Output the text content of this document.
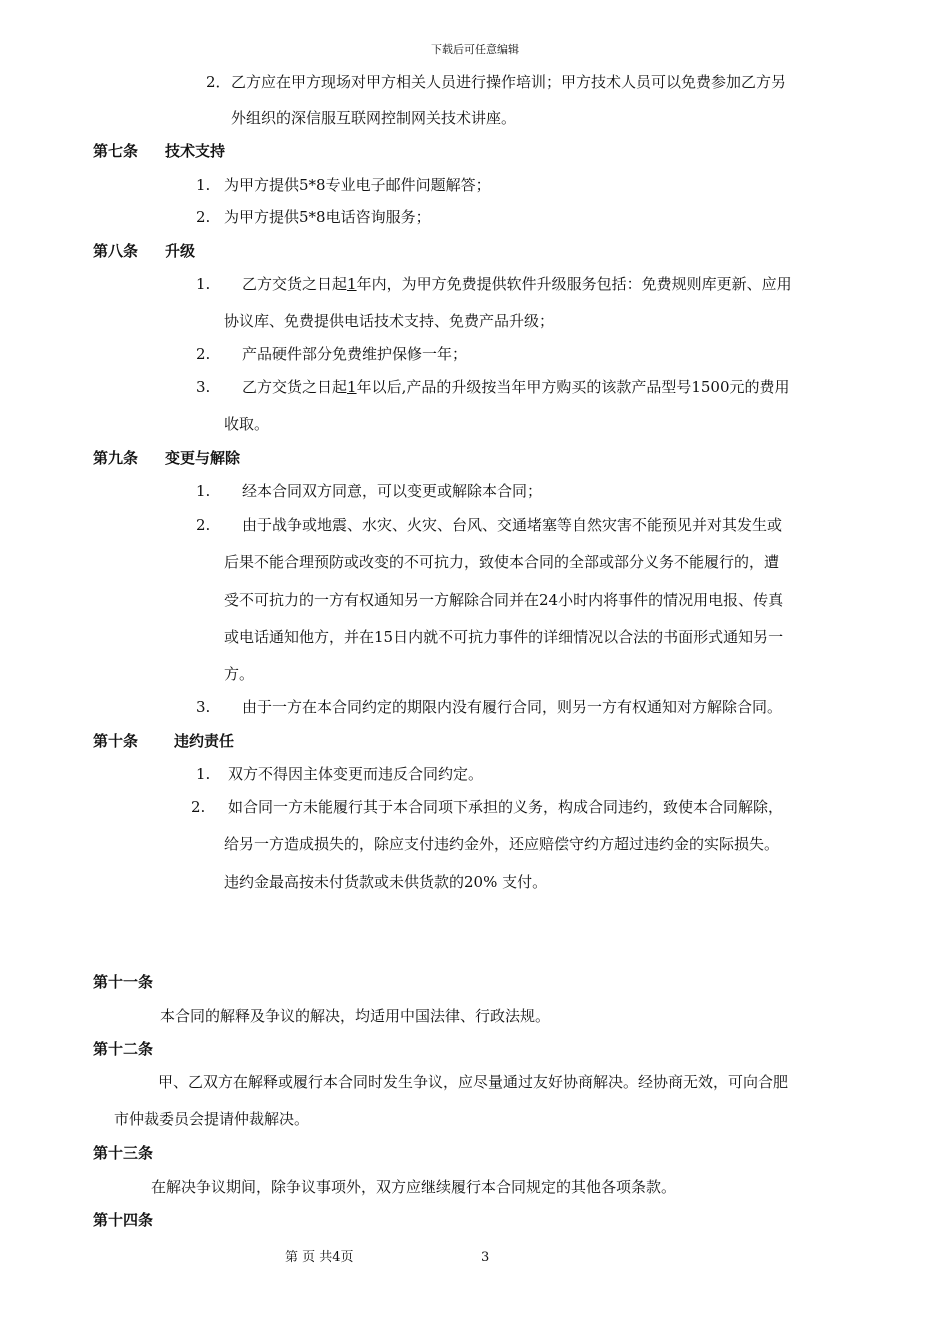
下载后可任意编辑
2． 乙方应在甲方现场对甲方相关人员进行操作培训；甲方技术人员可以免费参加乙方另
外组织的深信服互联网控制网关技术讲座。
第七条 技术支持
1. 为甲方提供5*8专业电子邮件问题解答；
2. 为甲方提供5*8电话咨询服务；
第八条 升级
1. 乙方交货之日起1年内，为甲方免费提供软件升级服务包括：免费规则库更新、应用
协议库、免费提供电话技术支持、免费产品升级；
2. 产品硬件部分免费维护保修一年；
3. 乙方交货之日起1年以后,产品的升级按当年甲方购买的该款产品型号1500元的费用
收取。
第九条 变更与解除
1. 经本合同双方同意，可以变更或解除本合同；
2. 由于战争或地震、水灾、火灾、台风、交通堵塞等自然灾害不能预见并对其发生或
后果不能合理预防或改变的不可抗力，致使本合同的全部或部分义务不能履行的，遭
受不可抗力的一方有权通知另一方解除合同并在24小时内将事件的情况用电报、传真
或电话通知他方，并在15日内就不可抗力事件的详细情况以合法的书面形式通知另一
方。
3. 由于一方在本合同约定的期限内没有履行合同，则另一方有权通知对方解除合同。
第十条 违约责任
1. 双方不得因主体变更而违反合同约定。
2. 如合同一方未能履行其于本合同项下承担的义务，构成合同违约，致使本合同解除，
给另一方造成损失的，除应支付违约金外，还应赔偿守约方超过违约金的实际损失。
违约金最高按未付货款或未供货款的20% 支付。
第十一条
本合同的解释及争议的解决，均适用中国法律、行政法规。
第十二条
甲、乙双方在解释或履行本合同时发生争议，应尽量通过友好协商解决。经协商无效，可向合肥
市仲裁委员会提请仲裁解决。
第十三条
在解决争议期间，除争议事项外，双方应继续履行本合同规定的其他各项条款。
第十四条
第 页 共4页	3
